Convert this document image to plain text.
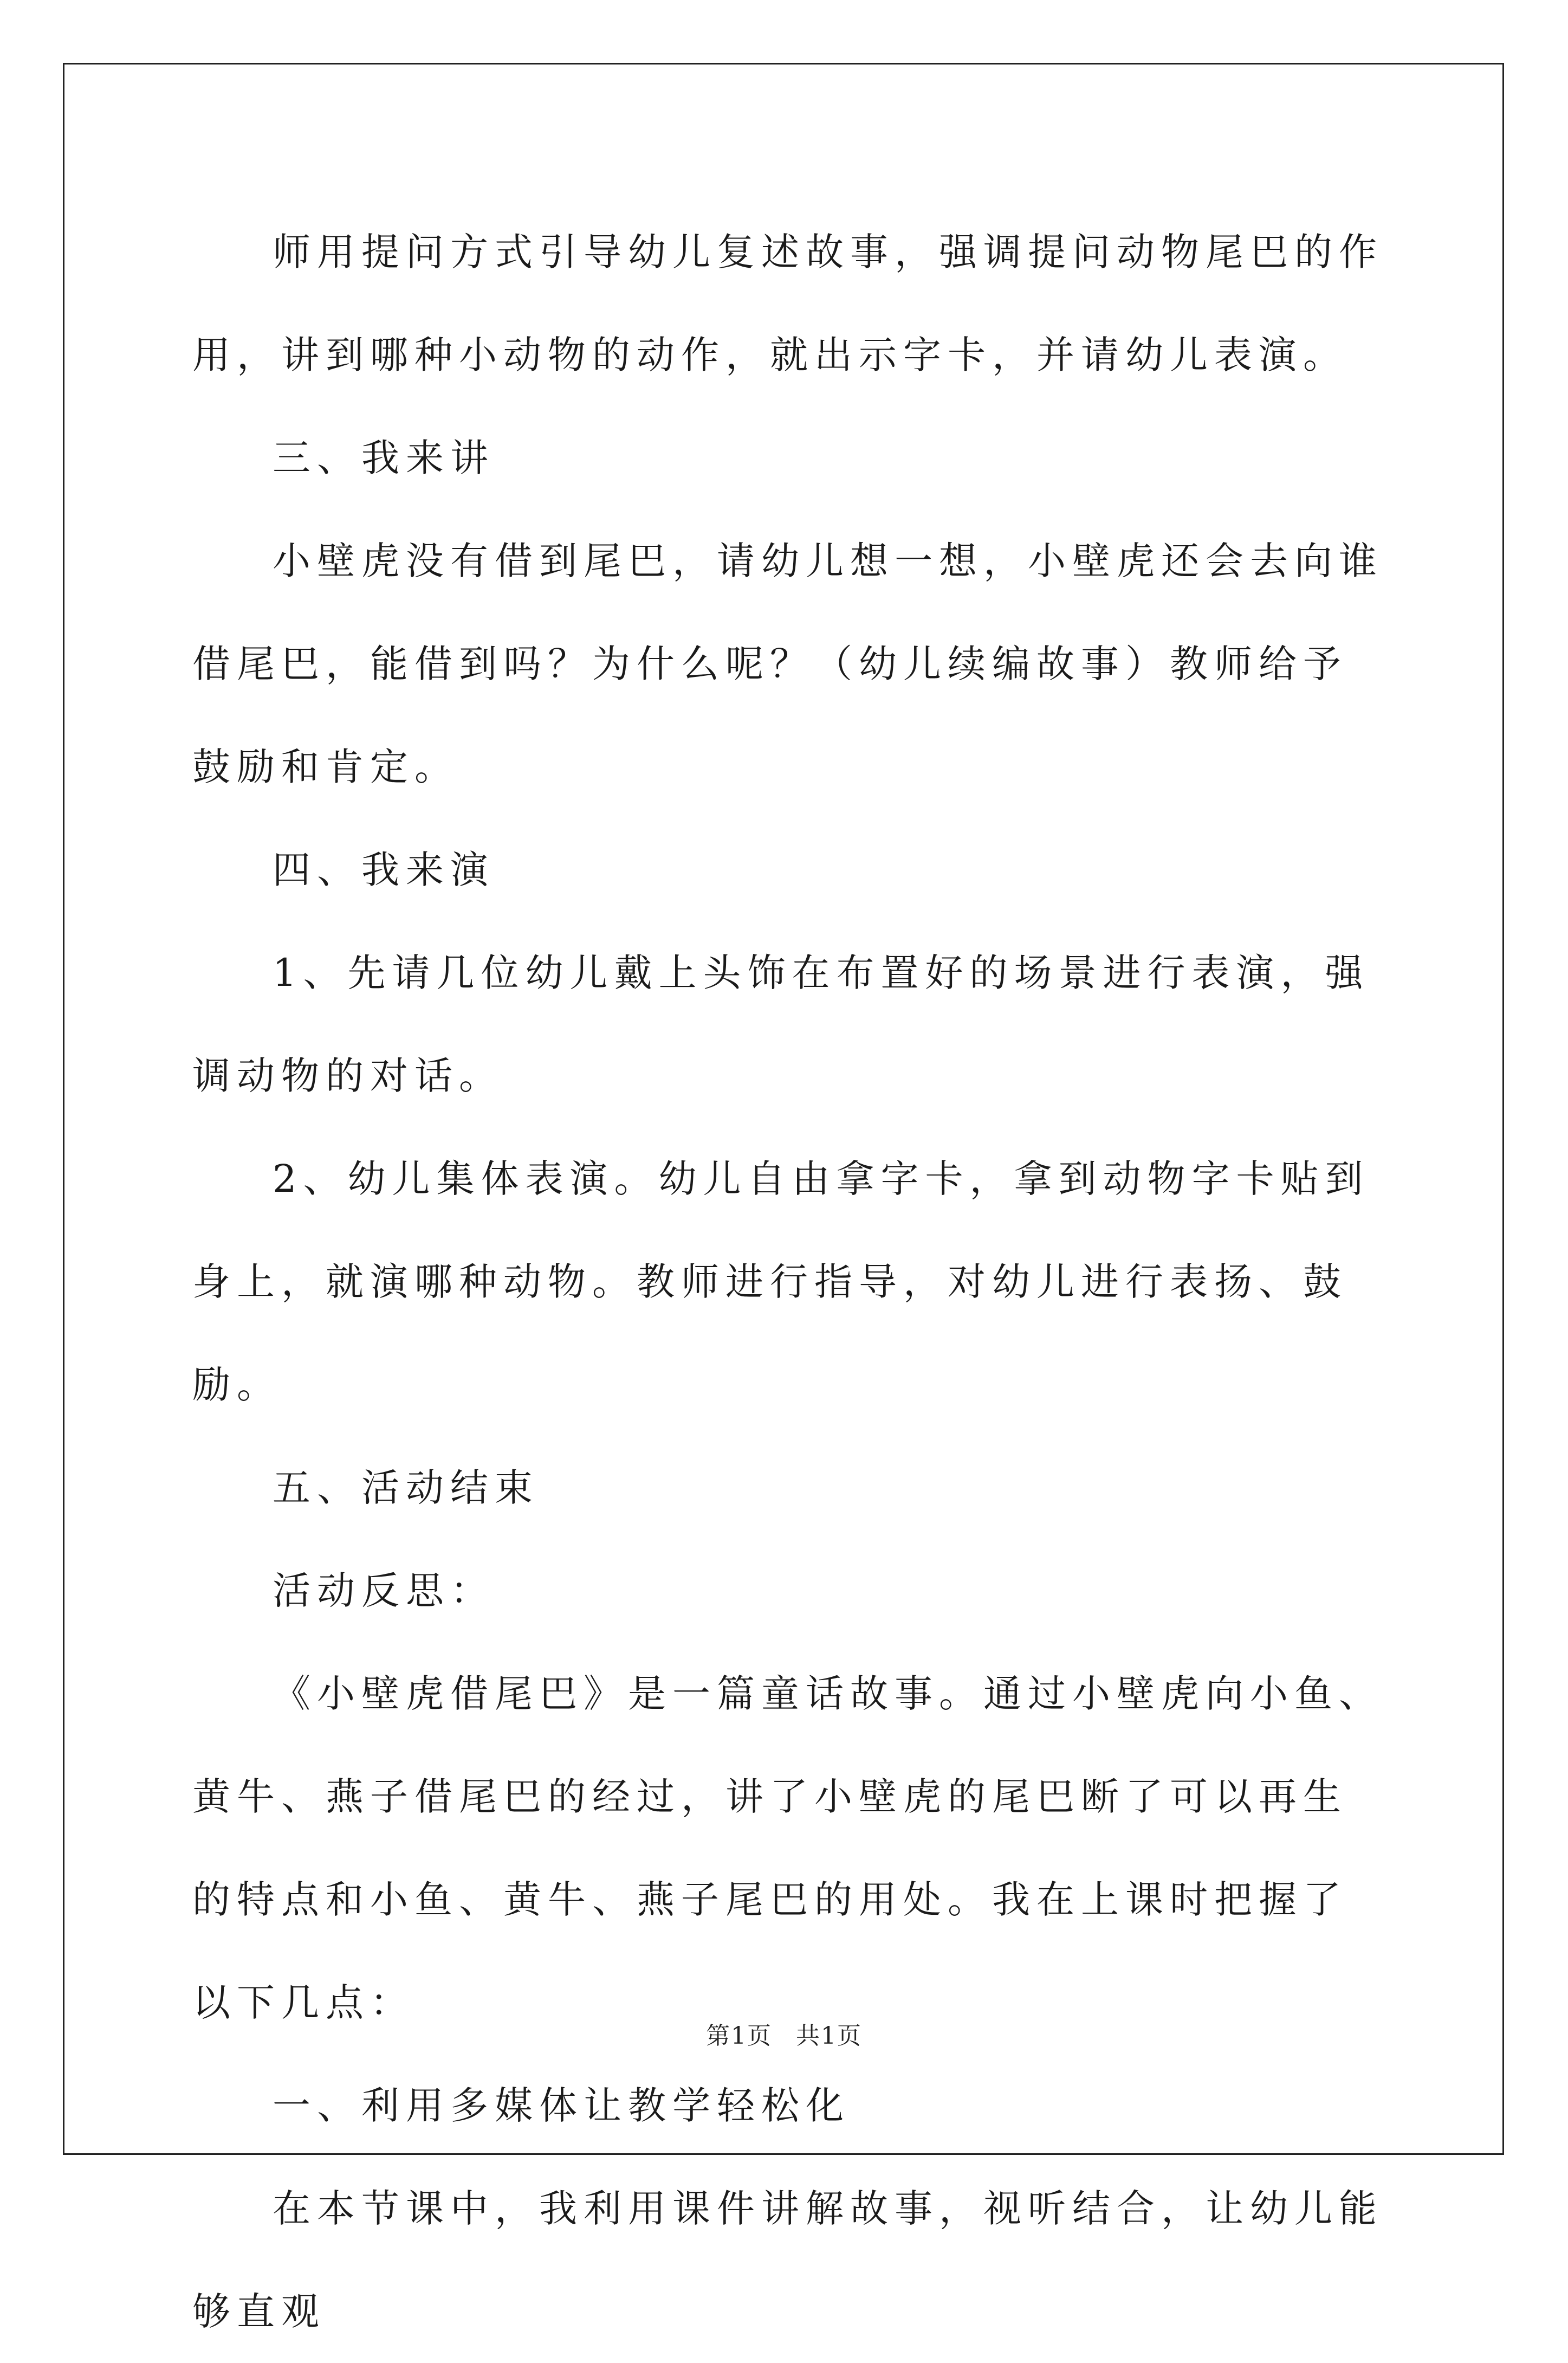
师用提问方式引导幼儿复述故事，强调提问动物尾巴的作用，讲到哪种小动物的动作，就出示字卡，并请幼儿表演。

三、我来讲

小壁虎没有借到尾巴，请幼儿想一想，小壁虎还会去向谁借尾巴，能借到吗？为什么呢？（幼儿续编故事）教师给予鼓励和肯定。

四、我来演

1、先请几位幼儿戴上头饰在布置好的场景进行表演，强调动物的对话。

2、幼儿集体表演。幼儿自由拿字卡，拿到动物字卡贴到身上，就演哪种动物。教师进行指导，对幼儿进行表扬、鼓励。

五、活动结束

活动反思：

《小壁虎借尾巴》是一篇童话故事。通过小壁虎向小鱼、黄牛、燕子借尾巴的经过，讲了小壁虎的尾巴断了可以再生的特点和小鱼、黄牛、燕子尾巴的用处。我在上课时把握了以下几点：

一、利用多媒体让教学轻松化

在本节课中，我利用课件讲解故事，视听结合，让幼儿能够直观

第1页 共1页
